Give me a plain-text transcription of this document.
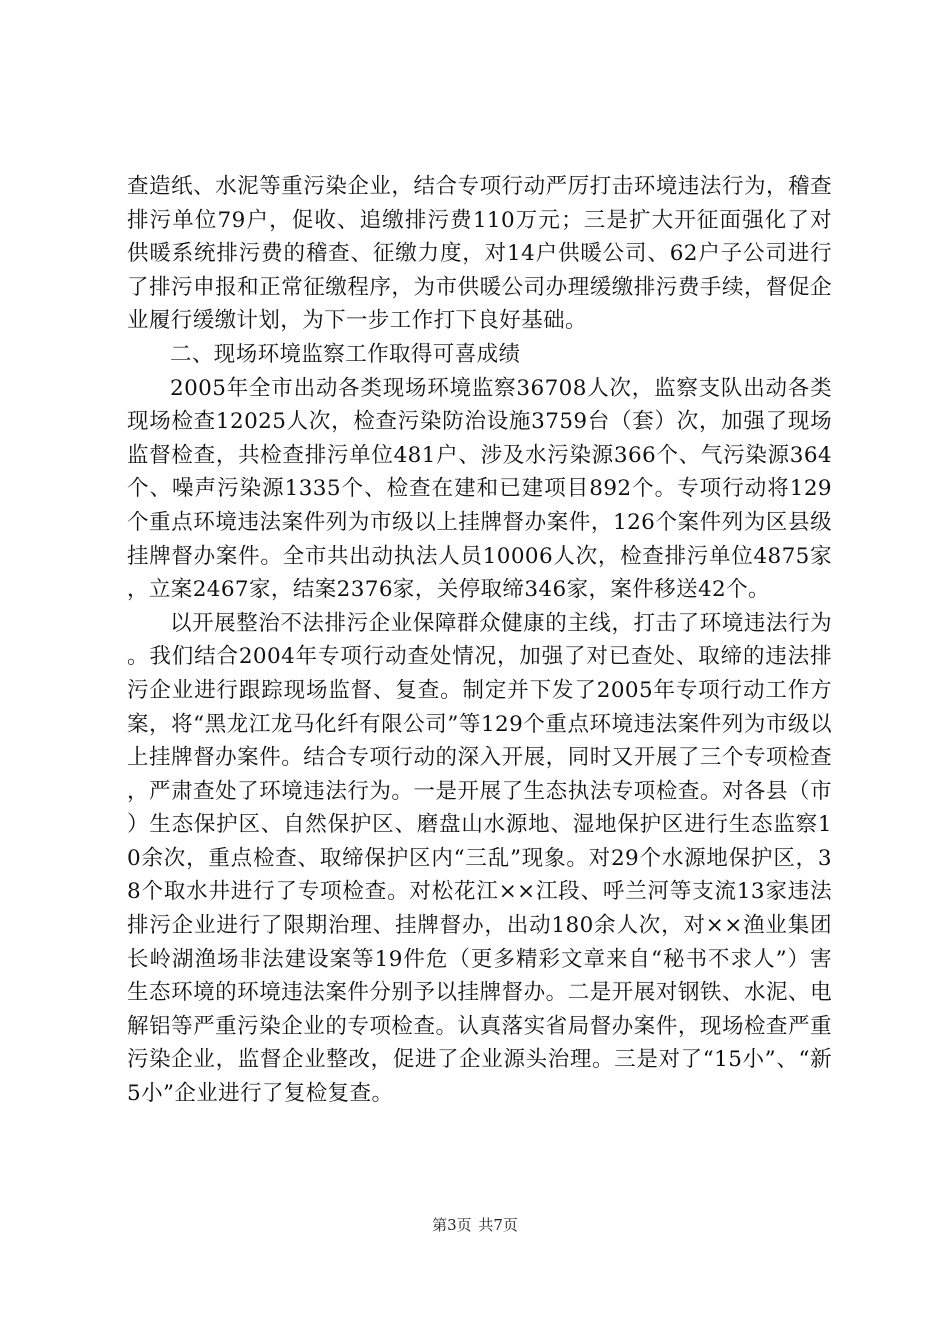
查造纸、水泥等重污染企业，结合专项行动严厉打击环境违法行为，稽查排污单位79户，促收、追缴排污费110万元；三是扩大开征面强化了对供暖系统排污费的稽查、征缴力度，对14户供暖公司、62户子公司进行了排污申报和正常征缴程序，为市供暖公司办理缓缴排污费手续，督促企业履行缓缴计划，为下一步工作打下良好基础。

二、现场环境监察工作取得可喜成绩

2005年全市出动各类现场环境监察36708人次，监察支队出动各类现场检查12025人次，检查污染防治设施3759台（套）次，加强了现场监督检查，共检查排污单位481户、涉及水污染源366个、气污染源364个、噪声污染源1335个、检查在建和已建项目892个。专项行动将129个重点环境违法案件列为市级以上挂牌督办案件，126个案件列为区县级挂牌督办案件。全市共出动执法人员10006人次，检查排污单位4875家，立案2467家，结案2376家，关停取缔346家，案件移送42个。

以开展整治不法排污企业保障群众健康的主线，打击了环境违法行为。我们结合2004年专项行动查处情况，加强了对已查处、取缔的违法排污企业进行跟踪现场监督、复查。制定并下发了2005年专项行动工作方案，将“黑龙江龙马化纤有限公司”等129个重点环境违法案件列为市级以上挂牌督办案件。结合专项行动的深入开展，同时又开展了三个专项检查，严肃查处了环境违法行为。一是开展了生态执法专项检查。对各县（市）生态保护区、自然保护区、磨盘山水源地、湿地保护区进行生态监察10余次，重点检查、取缔保护区内“三乱”现象。对29个水源地保护区，38个取水井进行了专项检查。对松花江××江段、呼兰河等支流13家违法排污企业进行了限期治理、挂牌督办，出动180余人次，对××渔业集团长岭湖渔场非法建设案等19件危（更多精彩文章来自“秘书不求人”）害生态环境的环境违法案件分别予以挂牌督办。二是开展对钢铁、水泥、电解铝等严重污染企业的专项检查。认真落实省局督办案件，现场检查严重污染企业，监督企业整改，促进了企业源头治理。三是对了“15小”、“新5小”企业进行了复检复查。

第3页 共7页
